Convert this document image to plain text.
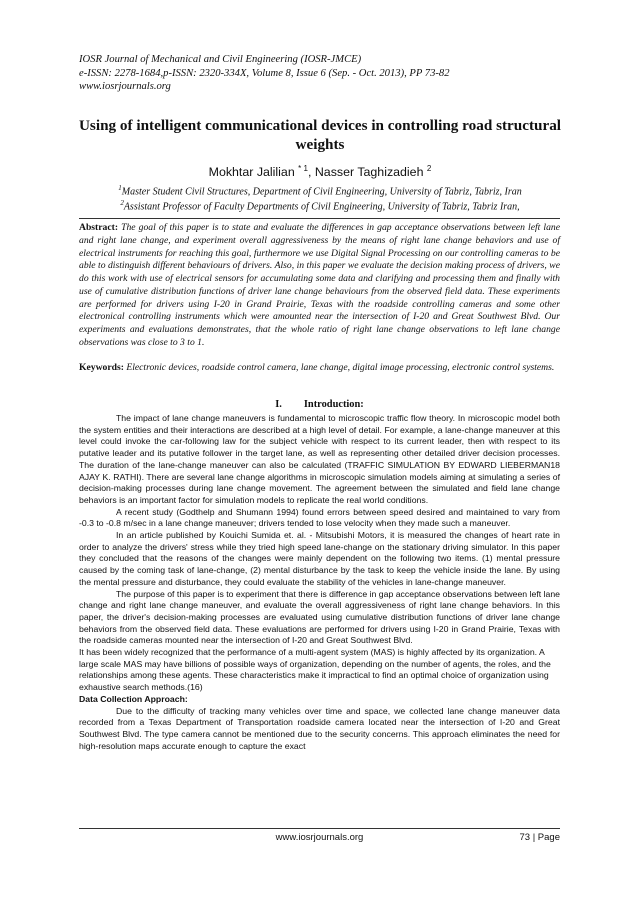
IOSR Journal of Mechanical and Civil Engineering (IOSR-JMCE)
e-ISSN: 2278-1684,p-ISSN: 2320-334X, Volume 8, Issue 6 (Sep. - Oct. 2013), PP 73-82
www.iosrjournals.org
Using of intelligent communicational devices in controlling road structural weights
Mokhtar Jalilian $^{* 1}$, Nasser Taghizadieh $^2$
$^1$Master Student Civil Structures, Department of Civil Engineering, University of Tabriz, Tabriz, Iran
$^2$Assistant Professor of Faculty Departments of Civil Engineering, University of Tabriz, Tabriz Iran,
Abstract: The goal of this paper is to state and evaluate the differences in gap acceptance observations between left lane and right lane change, and experiment overall aggressiveness by the means of right lane change behaviors and use of electrical instruments for reaching this goal, furthermore we use Digital Signal Processing on our controlling cameras to be able to distinguish different behaviours of drivers. Also, in this paper we evaluate the decision making process of drivers, we do this work with use of electrical sensors for accumulating some data and clarifying and processing them and finally with use of cumulative distribution functions of driver lane change behaviours from the observed field data. These experiments are performed for drivers using I-20 in Grand Prairie, Texas with the roadside controlling cameras and some other electronical controlling instruments which were amounted near the intersection of I-20 and Great Southwest Blvd. Our experiments and evaluations demonstrates, that the whole ratio of right lane change observations to left lane change observations was close to 3 to 1.
Keywords: Electronic devices, roadside control camera, lane change, digital image processing, electronic control systems.
I. Introduction:

The impact of lane change maneuvers is fundamental to microscopic traffic flow theory. In microscopic model both the system entities and their interactions are described at a high level of detail. For example, a lane-change maneuver at this level could invoke the car-following law for the subject vehicle with respect to its current leader, then with respect to its putative leader and its putative follower in the target lane, as well as representing other detailed driver decision processes. The duration of the lane-change maneuver can also be calculated (TRAFFIC SIMULATION BY EDWARD LIEBERMAN18 AJAY K. RATHI). There are several lane change algorithms in microscopic simulation models aiming at simulating a series of decision-making processes during lane change movement. The agreement between the simulated and field lane change behaviors is an important factor for simulation models to replicate the real world conditions.

A recent study (Godthelp and Shumann 1994) found errors between speed desired and maintained to vary from -0.3 to -0.8 m/sec in a lane change maneuver; drivers tended to lose velocity when they made such a maneuver.

In an article published by Kouichi Sumida et. al. - Mitsubishi Motors, it is measured the changes of heart rate in order to analyze the drivers' stress while they tried high speed lane-change on the stationary driving simulator. In this paper they concluded that the reasons of the changes were mainly dependent on the following two items. (1) mental pressure caused by the coming task of lane-change, (2) mental disturbance by the task to keep the vehicle inside the lane. By using the mental pressure and disturbance, they could evaluate the stability of the vehicles in lane-change maneuver.

The purpose of this paper is to experiment that there is difference in gap acceptance observations between left lane change and right lane change maneuver, and evaluate the overall aggressiveness of right lane change behaviors. In this paper, the driver's decision-making processes are evaluated using cumulative distribution functions of driver lane change behaviors from the observed field data. These evaluations are performed for drivers using I-20 in Grand Prairie, Texas with the roadside cameras mounted near the intersection of I-20 and Great Southwest Blvd.

It has been widely recognized that the performance of a multi-agent system (MAS) is highly affected by its organization. A large scale MAS may have billions of possible ways of organization, depending on the number of agents, the roles, and the relationships among these agents. These characteristics make it impractical to find an optimal choice of organization using exhaustive search methods.(16)

Data Collection Approach:

Due to the difficulty of tracking many vehicles over time and space, we collected lane change maneuver data recorded from a Texas Department of Transportation roadside camera located near the intersection of I-20 and Great Southwest Blvd. The type camera cannot be mentioned due to the security concerns. This approach eliminates the need for high-resolution maps accurate enough to capture the exact

www.iosrjournals.org	73 | Page
